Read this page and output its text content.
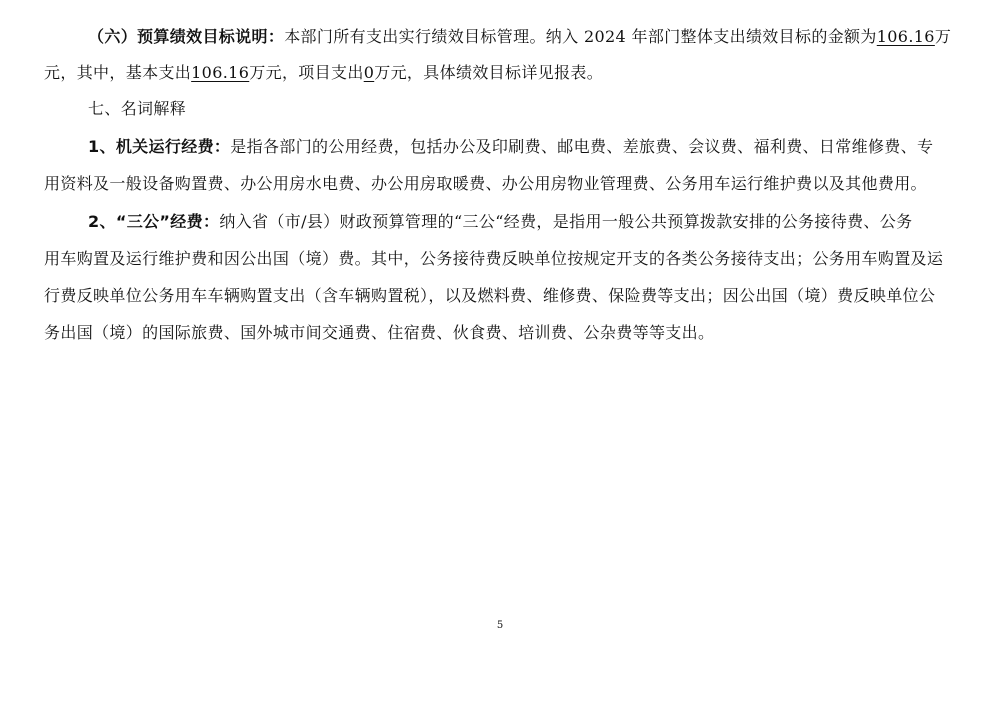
（六）预算绩效目标说明：本部门所有支出实行绩效目标管理。纳入 2024 年部门整体支出绩效目标的金额为106.16万
元，其中，基本支出106.16万元，项目支出0万元，具体绩效目标详见报表。
七、名词解释
1、机关运行经费：是指各部门的公用经费，包括办公及印刷费、邮电费、差旅费、会议费、福利费、日常维修费、专
用资料及一般设备购置费、办公用房水电费、办公用房取暖费、办公用房物业管理费、公务用车运行维护费以及其他费用。
2、“三公”经费：纳入省（市/县）财政预算管理的“三公“经费，是指用一般公共预算拨款安排的公务接待费、公务
用车购置及运行维护费和因公出国（境）费。其中，公务接待费反映单位按规定开支的各类公务接待支出；公务用车购置及运
行费反映单位公务用车车辆购置支出（含车辆购置税），以及燃料费、维修费、保险费等支出；因公出国（境）费反映单位公
务出国（境）的国际旅费、国外城市间交通费、住宿费、伙食费、培训费、公杂费等等支出。
5
